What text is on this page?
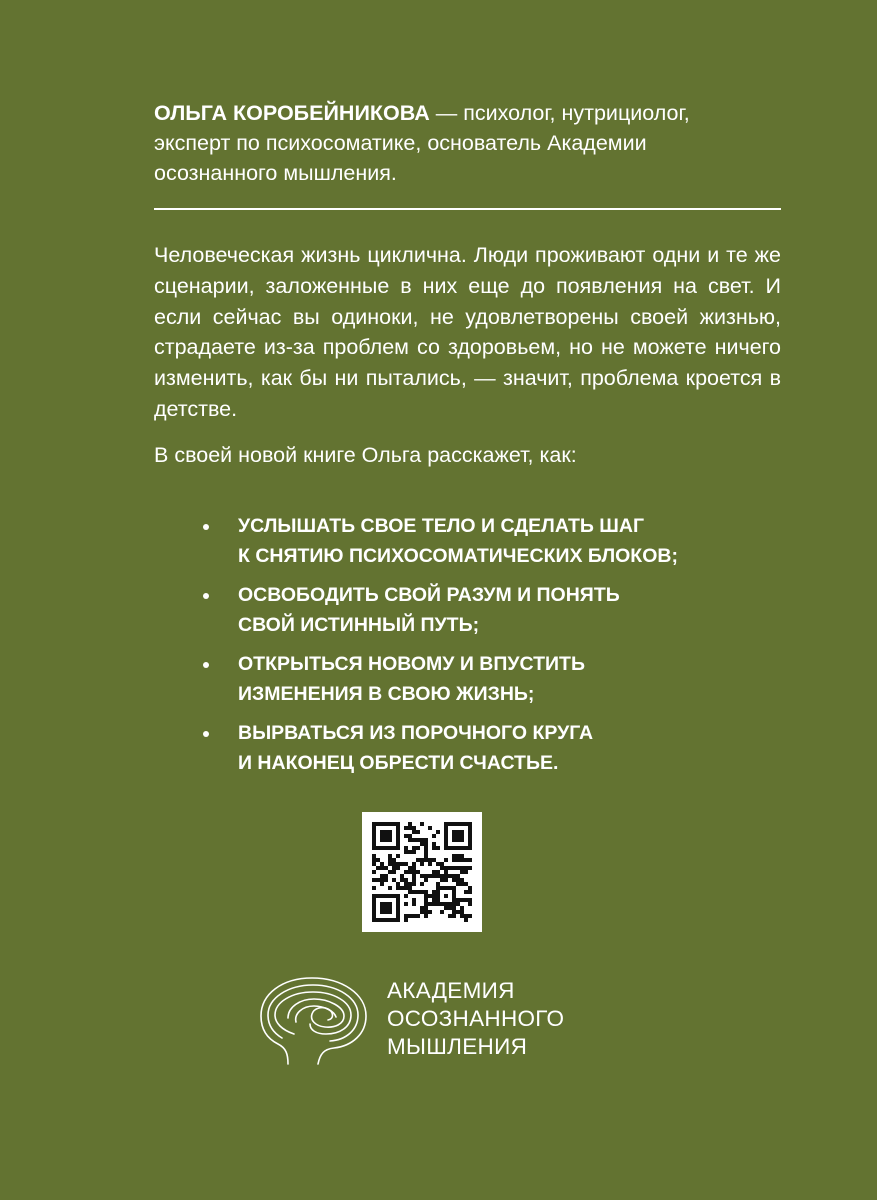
ОЛЬГА КОРОБЕЙНИКОВА — психолог, нутрициолог,
эксперт по психосоматике, основатель Академии
осознанного мышления.

Человеческая жизнь циклична. Люди проживают одни и те же сценарии, заложенные в них еще до появления на свет. И если сейчас вы одиноки, не удовлетворены своей жизнью, страдаете из-за проблем со здоровьем, но не можете ничего изменить, как бы ни пытались, — значит, проблема кроется в детстве.

В своей новой книге Ольга расскажет, как:

УСЛЫШАТЬ СВОЕ ТЕЛО И СДЕЛАТЬ ШАГ
К СНЯТИЮ ПСИХОСОМАТИЧЕСКИХ БЛОКОВ;
ОСВОБОДИТЬ СВОЙ РАЗУМ И ПОНЯТЬ
СВОЙ ИСТИННЫЙ ПУТЬ;
ОТКРЫТЬСЯ НОВОМУ И ВПУСТИТЬ
ИЗМЕНЕНИЯ В СВОЮ ЖИЗНЬ;
ВЫРВАТЬСЯ ИЗ ПОРОЧНОГО КРУГА
И НАКОНЕЦ ОБРЕСТИ СЧАСТЬЕ.
АКАДЕМИЯ
ОСОЗНАННОГО
МЫШЛЕНИЯ
